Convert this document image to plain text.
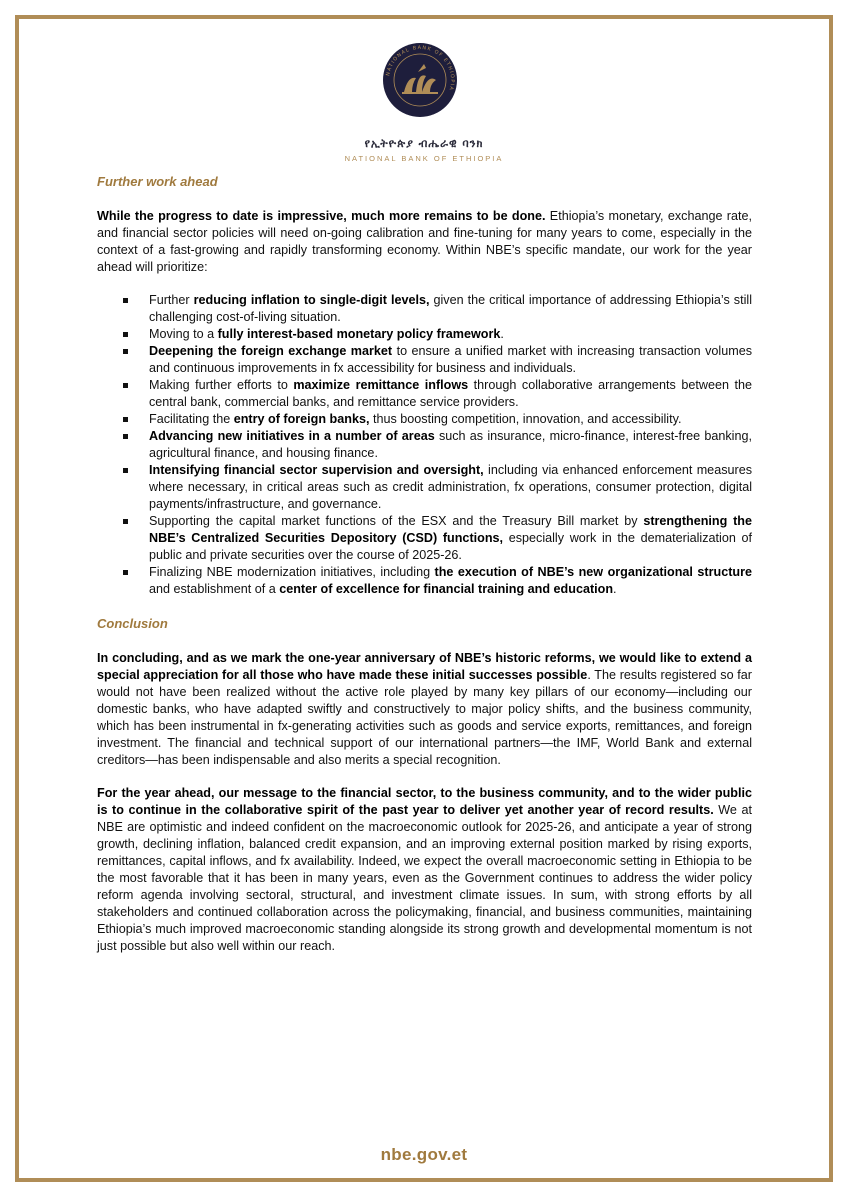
NATIONAL BANK OF ETHIOPIA
የኢትዮጵያ ብሔራዊ ባንክ
NATIONAL BANK OF ETHIOPIA
Further work ahead

While the progress to date is impressive, much more remains to be done. Ethiopia’s monetary, exchange rate, and financial sector policies will need on-going calibration and fine-tuning for many years to come, especially in the context of a fast-growing and rapidly transforming economy. Within NBE’s specific mandate, our work for the year ahead will prioritize:

Further reducing inflation to single-digit levels, given the critical importance of addressing Ethiopia’s still challenging cost-of-living situation.
Moving to a fully interest-based monetary policy framework.
Deepening the foreign exchange market to ensure a unified market with increasing transaction volumes and continuous improvements in fx accessibility for business and individuals.
Making further efforts to maximize remittance inflows through collaborative arrangements between the central bank, commercial banks, and remittance service providers.
Facilitating the entry of foreign banks, thus boosting competition, innovation, and accessibility.
Advancing new initiatives in a number of areas such as insurance, micro-finance, interest-free banking, agricultural finance, and housing finance.
Intensifying financial sector supervision and oversight, including via enhanced enforcement measures where necessary, in critical areas such as credit administration, fx operations, consumer protection, digital payments/infrastructure, and governance.
Supporting the capital market functions of the ESX and the Treasury Bill market by strengthening the NBE’s Centralized Securities Depository (CSD) functions, especially work in the dematerialization of public and private securities over the course of 2025-26.
Finalizing NBE modernization initiatives, including the execution of NBE’s new organizational structure and establishment of a center of excellence for financial training and education.
Conclusion

In concluding, and as we mark the one-year anniversary of NBE’s historic reforms, we would like to extend a special appreciation for all those who have made these initial successes possible. The results registered so far would not have been realized without the active role played by many key pillars of our economy—including our domestic banks, who have adapted swiftly and constructively to major policy shifts, and the business community, which has been instrumental in fx-generating activities such as goods and service exports, remittances, and foreign investment. The financial and technical support of our international partners—the IMF, World Bank and external creditors—has been indispensable and also merits a special recognition.

For the year ahead, our message to the financial sector, to the business community, and to the wider public is to continue in the collaborative spirit of the past year to deliver yet another year of record results. We at NBE are optimistic and indeed confident on the macroeconomic outlook for 2025-26, and anticipate a year of strong growth, declining inflation, balanced credit expansion, and an improving external position marked by rising exports, remittances, capital inflows, and fx availability. Indeed, we expect the overall macroeconomic setting in Ethiopia to be the most favorable that it has been in many years, even as the Government continues to address the wider policy reform agenda involving sectoral, structural, and investment climate issues. In sum, with strong efforts by all stakeholders and continued collaboration across the policymaking, financial, and business communities, maintaining Ethiopia’s much improved macroeconomic standing alongside its strong growth and developmental momentum is not just possible but also well within our reach.

nbe.gov.et
